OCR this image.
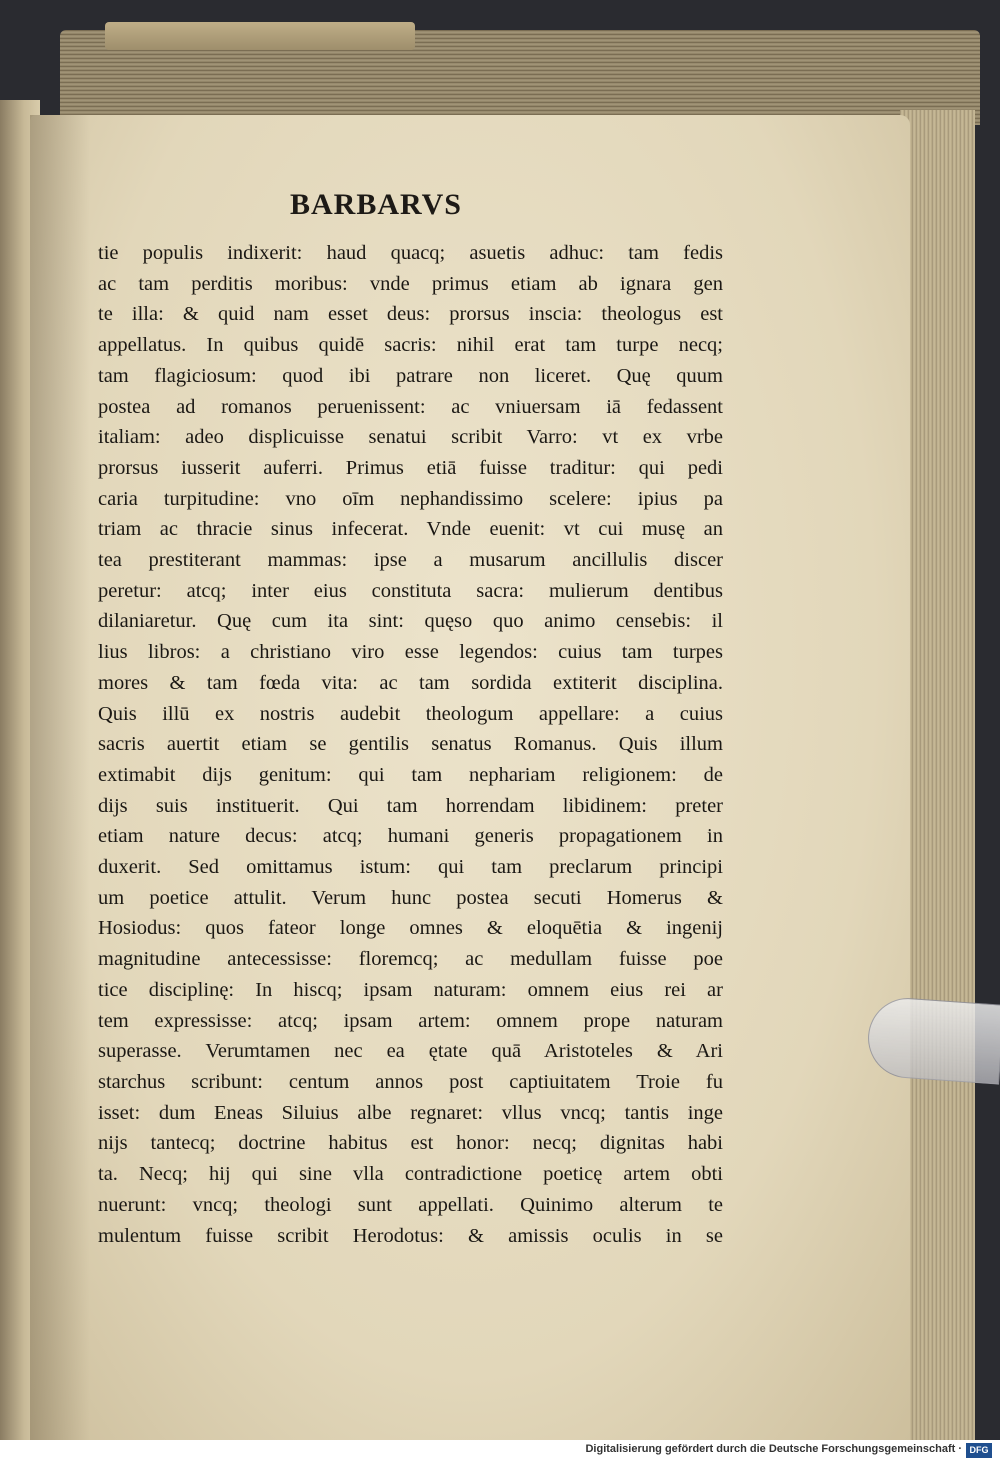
BARBARVS
tie populis indixerit: haud quacq; asuetis adhuc: tam fedis
ac tam perditis moribus: vnde primus etiam ab ignara gen
te illa: & quid nam esset deus: prorsus inscia: theologus est
appellatus. In quibus quidē sacris: nihil erat tam turpe necq;
tam flagiciosum: quod ibi patrare non liceret. Quę quum
postea ad romanos peruenissent: ac vniuersam iā fedassent
italiam: adeo displicuisse senatui scribit Varro: vt ex vrbe
prorsus iusserit auferri. Primus etiā fuisse traditur: qui pedi
caria turpitudine: vno oīm nephandissimo scelere: ipius pa
triam ac thracie sinus infecerat. Vnde euenit: vt cui musę an
tea prestiterant mammas: ipse a musarum ancillulis discer
peretur: atcq; inter eius constituta sacra: mulierum dentibus
dilaniaretur. Quę cum ita sint: quęso quo animo censebis: il
lius libros: a christiano viro esse legendos: cuius tam turpes
mores & tam fœda vita: ac tam sordida extiterit disciplina.
Quis illū ex nostris audebit theologum appellare: a cuius
sacris auertit etiam se gentilis senatus Romanus. Quis illum
extimabit dijs genitum: qui tam nephariam religionem: de
dijs suis instituerit. Qui tam horrendam libidinem: preter
etiam nature decus: atcq; humani generis propagationem in
duxerit. Sed omittamus istum: qui tam preclarum principi
um poetice attulit. Verum hunc postea secuti Homerus &
Hosiodus: quos fateor longe omnes & eloquētia & ingenij
magnitudine antecessisse: floremcq; ac medullam fuisse poe
tice disciplinę: In hiscq; ipsam naturam: omnem eius rei ar
tem expressisse: atcq; ipsam artem: omnem prope naturam
superasse. Verumtamen nec ea ętate quā Aristoteles & Ari
starchus scribunt: centum annos post captiuitatem Troie fu
isset: dum Eneas Siluius albe regnaret: vllus vncq; tantis inge
nijs tantecq; doctrine habitus est honor: necq; dignitas habi
ta. Necq; hij qui sine vlla contradictione poeticę artem obti
nuerunt: vncq; theologi sunt appellati. Quinimo alterum te
mulentum fuisse scribit Herodotus: & amissis oculis in se
Digitalisierung gefördert durch die Deutsche Forschungsgemeinschaft · DFG
